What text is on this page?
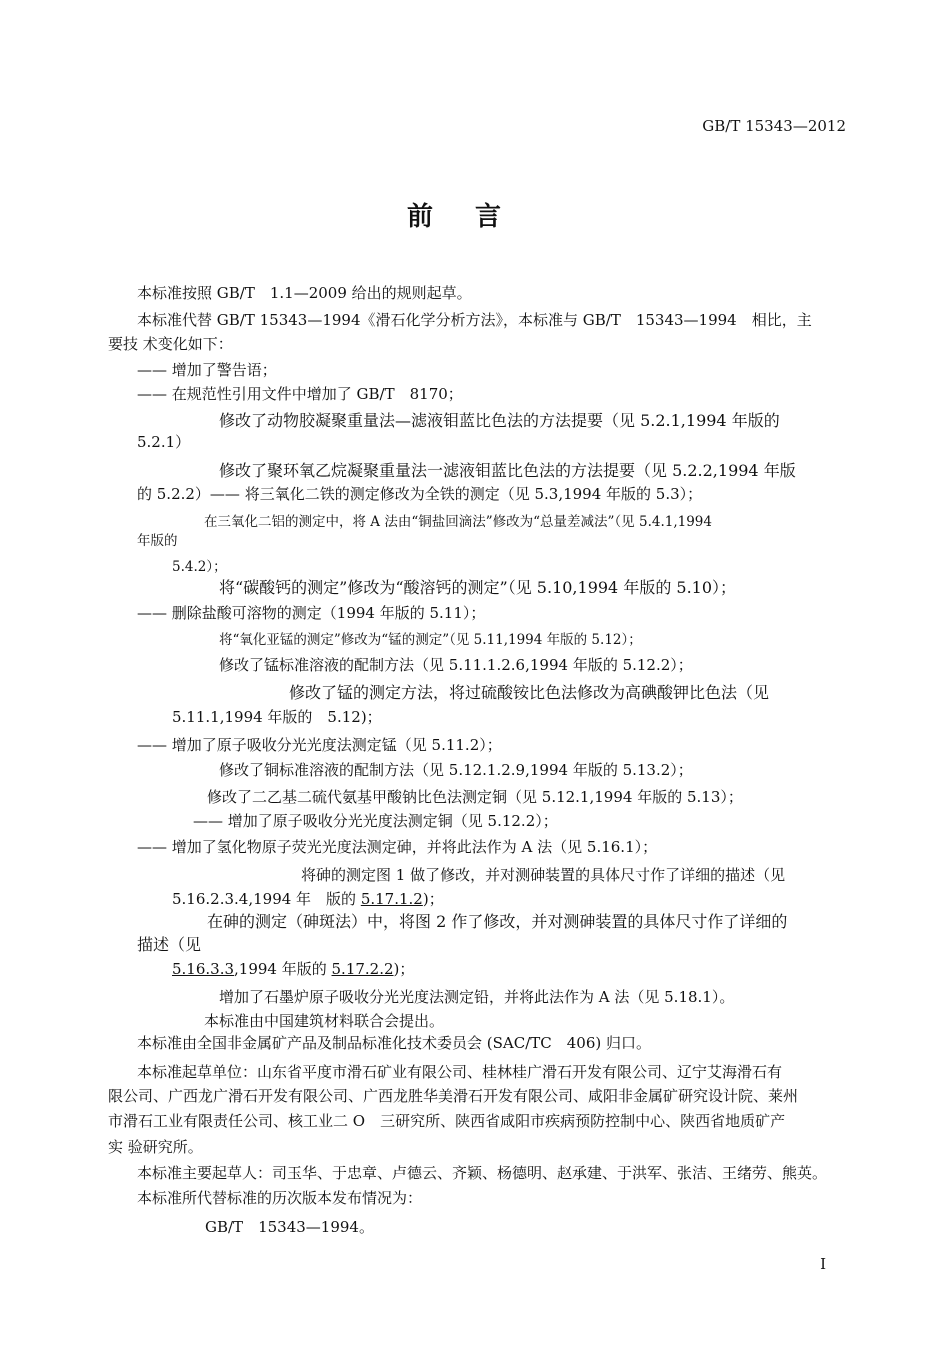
GB/T 15343—2012
前言
本标准按照 GB/T　1.1—2009 给出的规则起草。
本标准代替 GB/T 15343—1994《滑石化学分析方法》，本标准与 GB/T　15343—1994　相比，主
要技 术变化如下：
—— 增加了警告语；
—— 在规范性引用文件中增加了 GB/T　8170；
修改了动物胶凝聚重量法—滤液钼蓝比色法的方法提要（见 5.2.1,1994 年版的
5.2.1）
修改了聚环氧乙烷凝聚重量法一滤液钼蓝比色法的方法提要（见 5.2.2,1994 年版
的 5.2.2）—— 将三氧化二铁的测定修改为全铁的测定（见 5.3,1994 年版的 5.3）；
在三氧化二铝的测定中，将 A 法由“铜盐回滴法”修改为“总量差减法”（见 5.4.1,1994
年版的
5.4.2）；
将“碳酸钙的测定”修改为“酸溶钙的测定”（见 5.10,1994 年版的 5.10）；
—— 删除盐酸可溶物的测定（1994 年版的 5.11）；
将“氧化亚锰的测定”修改为“锰的测定”（见 5.11,1994 年版的 5.12）；
修改了锰标准溶液的配制方法（见 5.11.1.2.6,1994 年版的 5.12.2）；
修改了锰的测定方法，将过硫酸铵比色法修改为高碘酸钾比色法（见
5.11.1,1994 年版的　5.12)；
—— 增加了原子吸收分光光度法测定锰（见 5.11.2）；
修改了铜标准溶液的配制方法（见 5.12.1.2.9,1994 年版的 5.13.2）；
修改了二乙基二硫代氨基甲酸钠比色法测定铜（见 5.12.1,1994 年版的 5.13）；
—— 增加了原子吸收分光光度法测定铜（见 5.12.2）；
—— 增加了氢化物原子荧光光度法测定砷，并将此法作为 A 法（见 5.16.1）；
将砷的测定图 1 做了修改，并对测砷装置的具体尺寸作了详细的描述（见
5.16.2.3.4,1994 年　版的 5.17.1.2)；
在砷的测定（砷斑法）中，将图 2 作了修改，并对测砷装置的具体尺寸作了详细的
描述（见
5.16.3.3,1994 年版的 5.17.2.2)；
增加了石墨炉原子吸收分光光度法测定铅，并将此法作为 A 法（见 5.18.1）。
本标准由中国建筑材料联合会提出。
本标准由全国非金属矿产品及制品标准化技术委员会 (SAC/TC　406) 归口。
本标准起草单位：山东省平度市滑石矿业有限公司、桂林桂广滑石开发有限公司、辽宁艾海滑石有
限公司、广西龙广滑石开发有限公司、广西龙胜华美滑石开发有限公司、咸阳非金属矿研究设计院、莱州
市滑石工业有限责任公司、核工业二 O　三研究所、陕西省咸阳市疾病预防控制中心、陕西省地质矿产
实 验研究所。
本标准主要起草人：司玉华、于忠章、卢德云、齐颖、杨德明、赵承建、于洪军、张洁、王绪劳、熊英。
本标准所代替标准的历次版本发布情况为：
GB/T　15343—1994。
I
